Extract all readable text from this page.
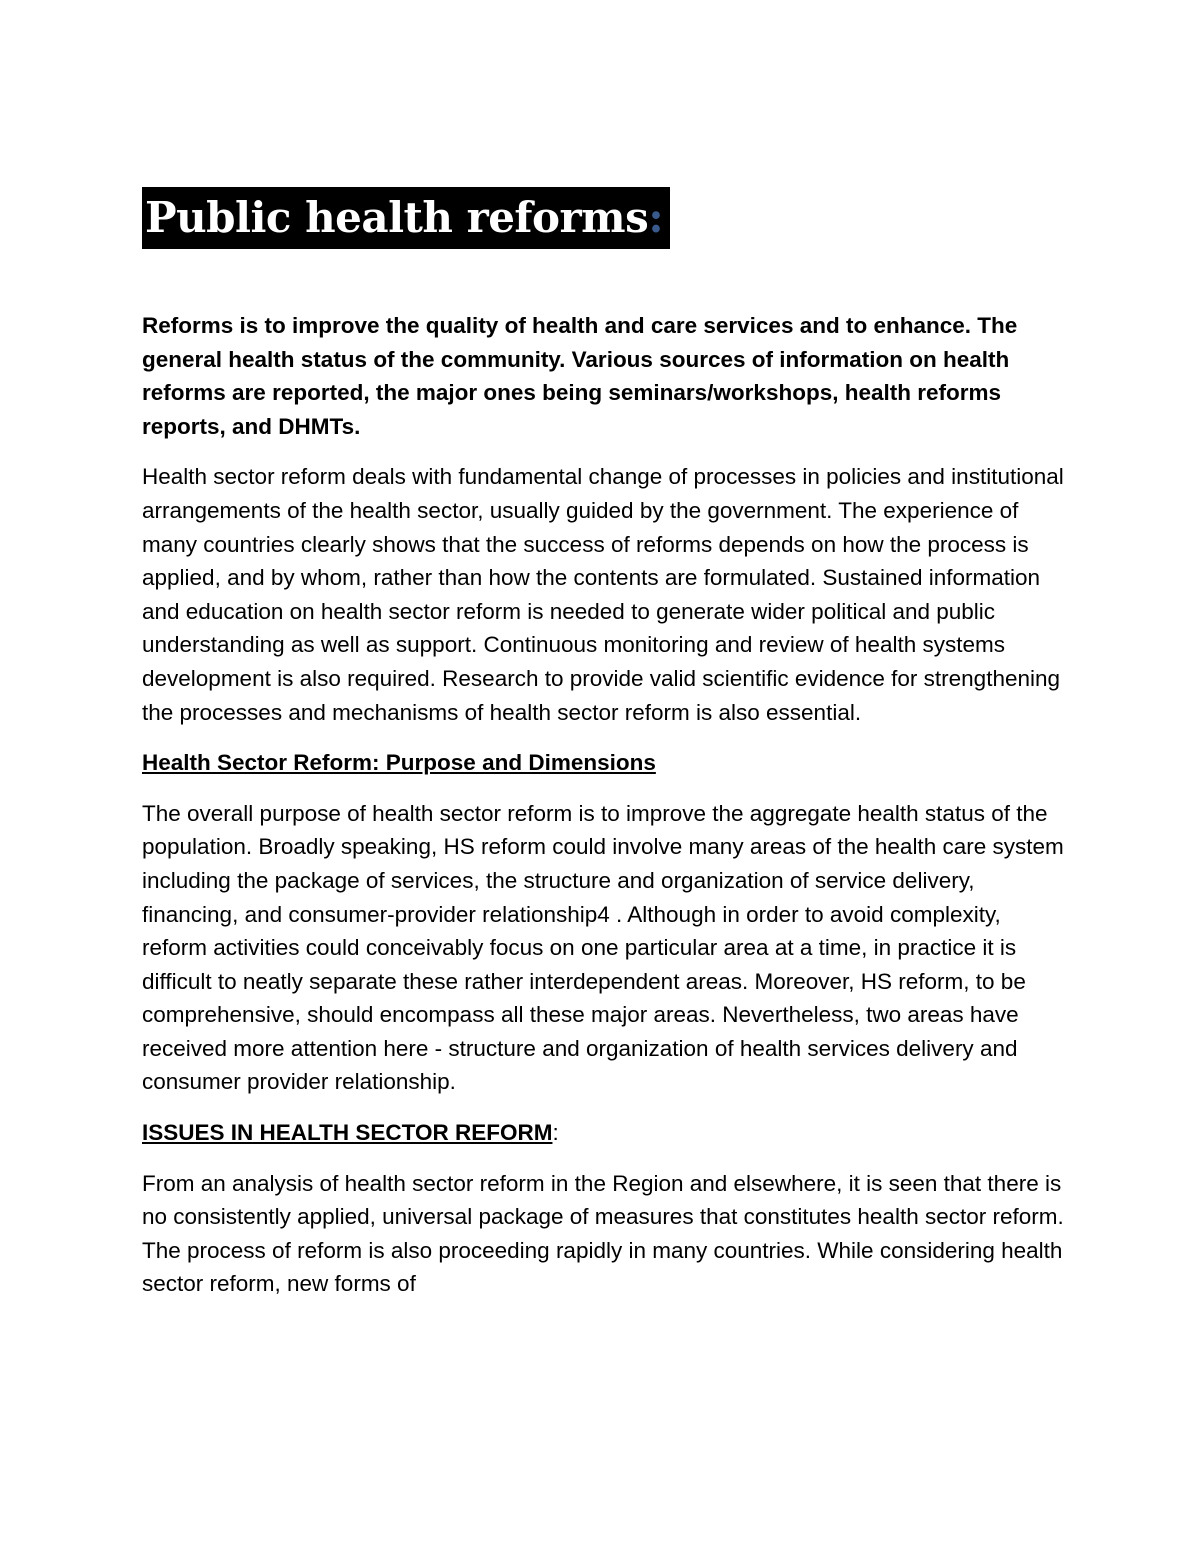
Public health reforms:

Reforms is to improve the quality of health and care services and to enhance. The general health status of the community. Various sources of information on health reforms are reported, the major ones being seminars/workshops, health reforms reports, and DHMTs.

Health sector reform deals with fundamental change of processes in policies and institutional arrangements of the health sector, usually guided by the government. The experience of many countries clearly shows that the success of reforms depends on how the process is applied, and by whom, rather than how the contents are formulated. Sustained information and education on health sector reform is needed to generate wider political and public understanding as well as support. Continuous monitoring and review of health systems development is also required. Research to provide valid scientific evidence for strengthening the processes and mechanisms of health sector reform is also essential.

Health Sector Reform: Purpose and Dimensions

The overall purpose of health sector reform is to improve the aggregate health status of the population. Broadly speaking, HS reform could involve many areas of the health care system including the package of services, the structure and organization of service delivery, financing, and consumer-provider relationship4 . Although in order to avoid complexity, reform activities could conceivably focus on one particular area at a time, in practice it is difficult to neatly separate these rather interdependent areas. Moreover, HS reform, to be comprehensive, should encompass all these major areas. Nevertheless, two areas have received more attention here - structure and organization of health services delivery and consumer provider relationship.

ISSUES IN HEALTH SECTOR REFORM:

From an analysis of health sector reform in the Region and elsewhere, it is seen that there is no consistently applied, universal package of measures that constitutes health sector reform. The process of reform is also proceeding rapidly in many countries. While considering health sector reform, new forms of
